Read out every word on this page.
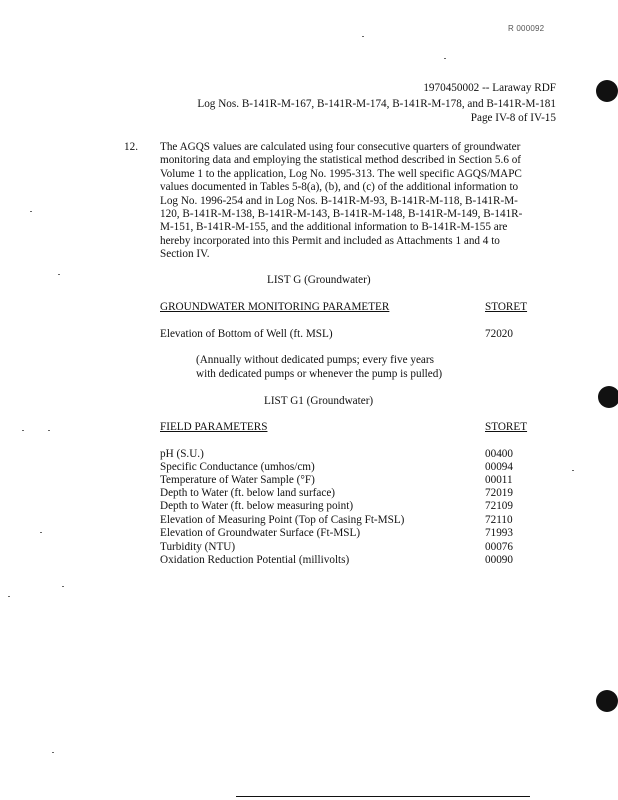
R 000092
1970450002 -- Laraway RDF
Log Nos. B-141R-M-167, B-141R-M-174, B-141R-M-178, and B-141R-M-181
Page IV-8 of IV-15
12. The AGQS values are calculated using four consecutive quarters of groundwater
monitoring data and employing the statistical method described in Section 5.6 of
Volume 1 to the application, Log No. 1995-313. The well specific AGQS/MAPC
values documented in Tables 5-8(a), (b), and (c) of the additional information to
Log No. 1996-254 and in Log Nos. B-141R-M-93, B-141R-M-118, B-141R-M-
120, B-141R-M-138, B-141R-M-143, B-141R-M-148, B-141R-M-149, B-141R-
M-151, B-141R-M-155, and the additional information to B-141R-M-155 are
hereby incorporated into this Permit and included as Attachments 1 and 4 to
Section IV.
LIST G (Groundwater)
GROUNDWATER MONITORING PARAMETER	STORET
Elevation of Bottom of Well (ft. MSL)	72020
(Annually without dedicated pumps; every five years
with dedicated pumps or whenever the pump is pulled)
LIST G1 (Groundwater)
FIELD PARAMETERS	STORET
pH (S.U.)	00400
Specific Conductance (umhos/cm)	00094
Temperature of Water Sample (°F)	00011
Depth to Water (ft. below land surface)	72019
Depth to Water (ft. below measuring point)	72109
Elevation of Measuring Point (Top of Casing Ft-MSL)	72110
Elevation of Groundwater Surface (Ft-MSL)	71993
Turbidity (NTU)	00076
Oxidation Reduction Potential (millivolts)	00090
